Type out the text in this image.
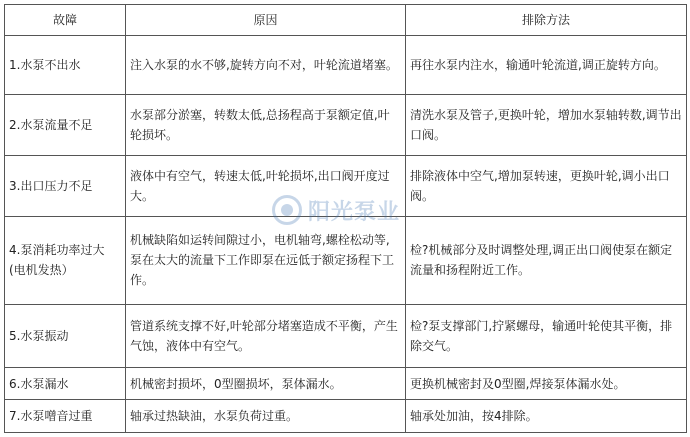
故障	原因	排除方法
1.水泵不出水	注入水泵的水不够,旋转方向不对，叶轮流道堵塞。	再往水泵内注水，输通叶轮流道,调正旋转方向。
2.水泵流量不足	水泵部分淤塞，转数太低,总扬程高于泵额定值,叶轮损坏。	清洗水泵及管子,更换叶轮，增加水泵轴转数,调节出口阀。
3.出口压力不足	液体中有空气，转速太低,叶轮损坏,出口阀开度过大。	排除液体中空气,增加泵转速，更换叶轮,调小出口阀。
4.泵消耗功率过大(电机发热）	机械缺陷如运转间隙过小，电机轴弯,螺栓松动等,泵在太大的流量下工作即泵在远低于额定扬程下工作。	检?机械部分及时调整处理,调正出口阀使泵在额定流量和扬程附近工作。
5.水泵振动	管道系统支撑不好,叶轮部分堵塞造成不平衡，产生气蚀，液体中有空气。	检?泵支撑部门,拧紧螺母，输通叶轮使其平衡，排除交气。
6.水泵漏水	机械密封损坏，0型圈损坏，泵体漏水。	更换机械密封及0型圈,焊接泵体漏水处。
7.水泵噌音过重	轴承过热缺油，水泵负荷过重。	轴承处加油，按4排除。
阳光泵业
